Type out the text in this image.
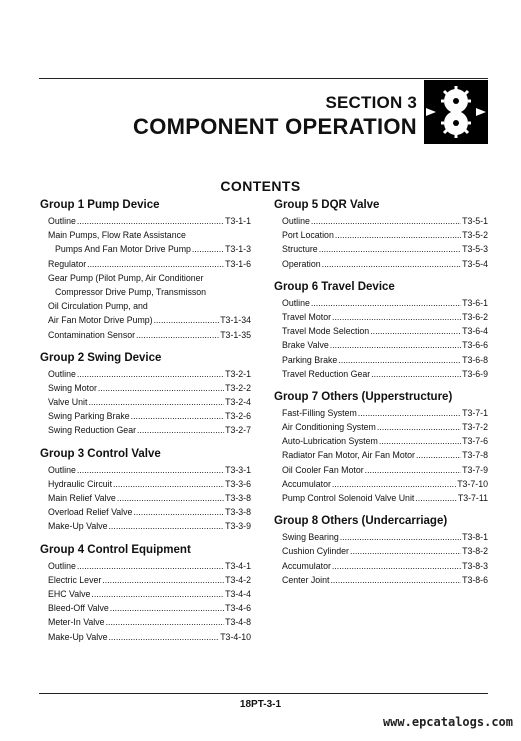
SECTION 3
COMPONENT OPERATION
CONTENTS
Group 1 Pump Device
Outline .....	T3-1-1
Main Pumps, Flow Rate Assistance
Pumps And Fan Motor Drive Pump .....	T3-1-3
Regulator .....	T3-1-6
Gear Pump (Pilot Pump, Air Conditioner
Compressor Drive Pump, Transmisson
Oil Circulation Pump, and
Air Fan Motor Drive Pump) .....	T3-1-34
Contamination Sensor .....	T3-1-35
Group 2 Swing Device
Outline .....	T3-2-1
Swing Motor .....	T3-2-2
Valve Unit .....	T3-2-4
Swing Parking Brake .....	T3-2-6
Swing Reduction Gear .....	T3-2-7
Group 3 Control Valve
Outline .....	T3-3-1
Hydraulic Circuit .....	T3-3-6
Main Relief Valve .....	T3-3-8
Overload Relief Valve .....	T3-3-8
Make-Up Valve .....	T3-3-9
Group 4 Control Equipment
Outline .....	T3-4-1
Electric Lever .....	T3-4-2
EHC Valve .....	T3-4-4
Bleed-Off Valve .....	T3-4-6
Meter-In Valve .....	T3-4-8
Make-Up Valve .....	T3-4-10
Group 5 DQR Valve
Outline .....	T3-5-1
Port Location .....	T3-5-2
Structure .....	T3-5-3
Operation .....	T3-5-4
Group 6 Travel Device
Outline .....	T3-6-1
Travel Motor .....	T3-6-2
Travel Mode Selection .....	T3-6-4
Brake Valve .....	T3-6-6
Parking Brake .....	T3-6-8
Travel Reduction Gear .....	T3-6-9
Group 7 Others (Upperstructure)
Fast-Filling System .....	T3-7-1
Air Conditioning System .....	T3-7-2
Auto-Lubrication System .....	T3-7-6
Radiator Fan Motor, Air Fan Motor .....	T3-7-8
Oil Cooler Fan Motor .....	T3-7-9
Accumulator .....	T3-7-10
Pump Control Solenoid Valve Unit .....	T3-7-11
Group 8 Others (Undercarriage)
Swing Bearing .....	T3-8-1
Cushion Cylinder .....	T3-8-2
Accumulator .....	T3-8-3
Center Joint .....	T3-8-6
18PT-3-1
www.epcatalogs.com
